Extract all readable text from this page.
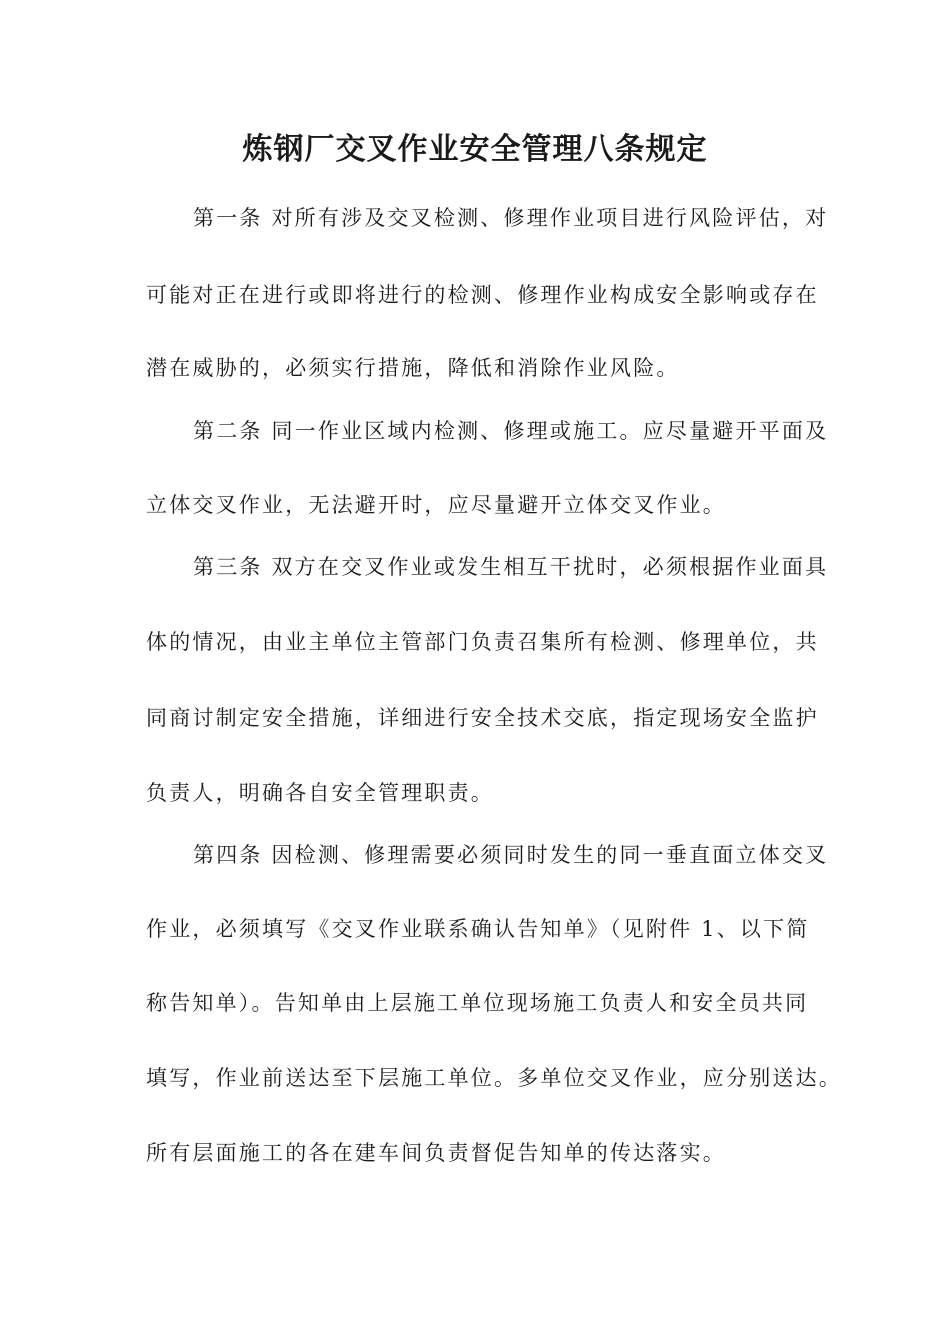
炼钢厂交叉作业安全管理八条规定

第一条 对所有涉及交叉检测、修理作业项目进行风险评估，对

可能对正在进行或即将进行的检测、修理作业构成安全影响或存在

潜在威胁的，必须实行措施，降低和消除作业风险。

第二条 同一作业区域内检测、修理或施工。应尽量避开平面及

立体交叉作业，无法避开时，应尽量避开立体交叉作业。

第三条 双方在交叉作业或发生相互干扰时，必须根据作业面具

体的情况，由业主单位主管部门负责召集所有检测、修理单位，共

同商讨制定安全措施，详细进行安全技术交底，指定现场安全监护

负责人，明确各自安全管理职责。

第四条 因检测、修理需要必须同时发生的同一垂直面立体交叉

作业，必须填写《交叉作业联系确认告知单》（见附件 1、以下简

称告知单）。告知单由上层施工单位现场施工负责人和安全员共同

填写，作业前送达至下层施工单位。多单位交叉作业，应分别送达。

所有层面施工的各在建车间负责督促告知单的传达落实。
